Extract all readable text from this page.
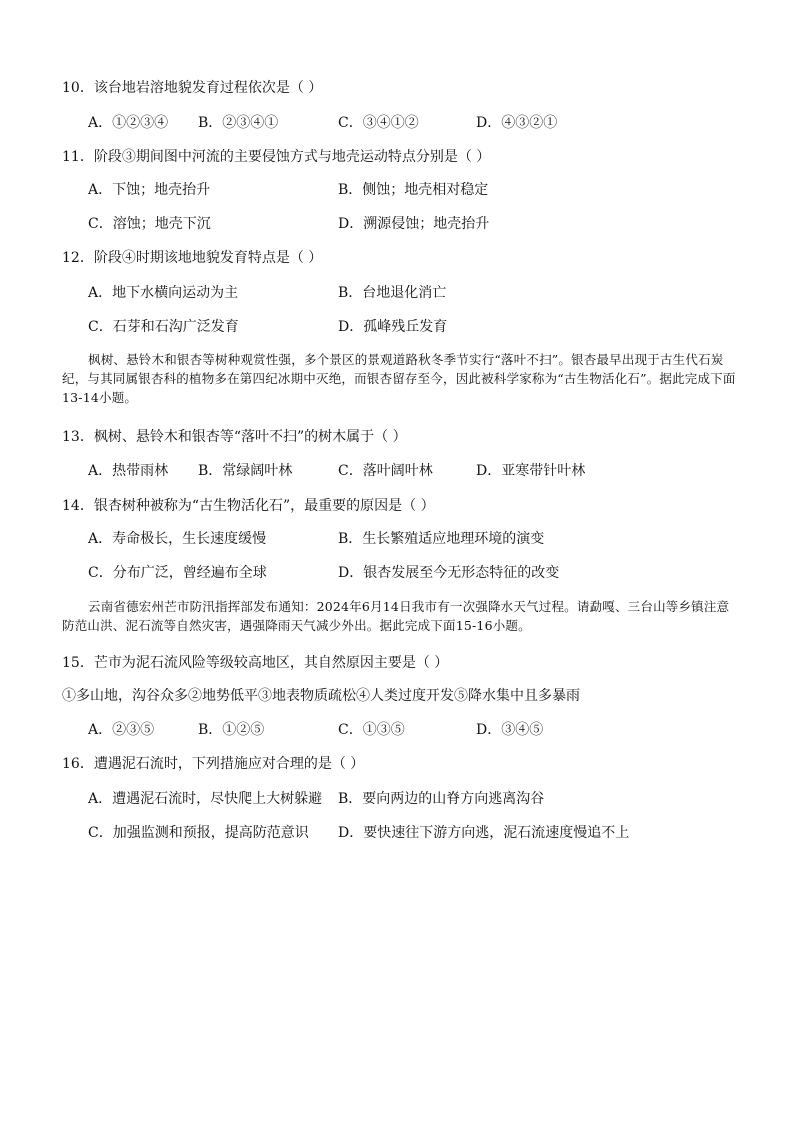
10．该台地岩溶地貌发育过程依次是（ ）
A．①②③④ B．②③④①	C．③④①②	D．④③②①
11．阶段③期间图中河流的主要侵蚀方式与地壳运动特点分别是（ ）
A．下蚀；地壳抬升	B．侧蚀；地壳相对稳定
C．溶蚀；地壳下沉	D．溯源侵蚀；地壳抬升
12．阶段④时期该地地貌发育特点是（ ）
A．地下水横向运动为主	B．台地退化消亡
C．石芽和石沟广泛发育	D．孤峰残丘发育
枫树、悬铃木和银杏等树种观赏性强，多个景区的景观道路秋冬季节实行“落叶不扫”。银杏最早出现于古生代石炭纪，与其同属银杏科的植物多在第四纪冰期中灭绝，而银杏留存至今，因此被科学家称为“古生物活化石”。据此完成下面13-14小题。
13．枫树、悬铃木和银杏等“落叶不扫”的树木属于（ ）
A．热带雨林 B．常绿阔叶林	C．落叶阔叶林	D．亚寒带针叶林
14．银杏树种被称为“古生物活化石”，最重要的原因是（ ）
A．寿命极长，生长速度缓慢	B．生长繁殖适应地理环境的演变
C．分布广泛，曾经遍布全球	D．银杏发展至今无形态特征的改变
云南省德宏州芒市防汛指挥部发布通知：2024年6月14日我市有一次强降水天气过程。请勐嘎、三台山等乡镇注意防范山洪、泥石流等自然灾害，遇强降雨天气减少外出。据此完成下面15-16小题。
15．芒市为泥石流风险等级较高地区，其自然原因主要是（ ）
①多山地，沟谷众多②地势低平③地表物质疏松④人类过度开发⑤降水集中且多暴雨
A．②③⑤	B．①②⑤	C．①③⑤	D．③④⑤
16．遭遇泥石流时，下列措施应对合理的是（ ）
A．遭遇泥石流时，尽快爬上大树躲避 B．要向两边的山脊方向逃离沟谷
C．加强监测和预报，提高防范意识 D．要快速往下游方向逃，泥石流速度慢追不上
